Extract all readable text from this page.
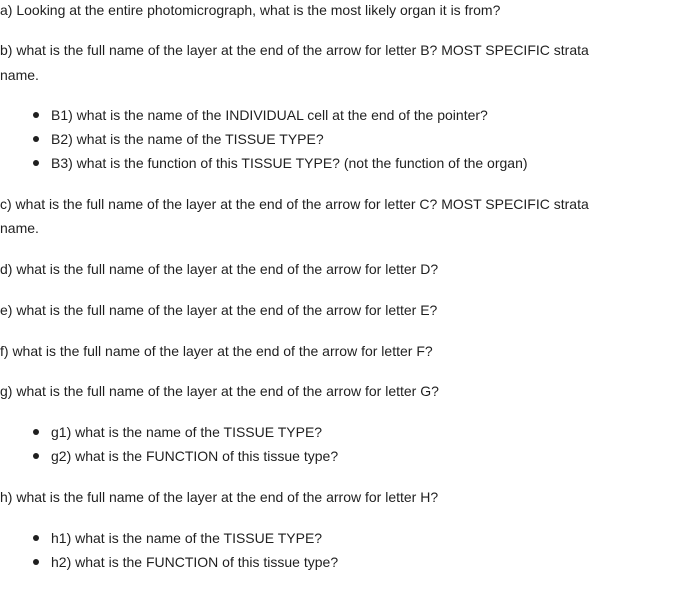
a) Looking at the entire photomicrograph, what is the most likely organ it is from?
b) what is the full name of the layer at the end of the arrow for letter B? MOST SPECIFIC strata
name.
B1) what is the name of the INDIVIDUAL cell at the end of the pointer?
B2) what is the name of the TISSUE TYPE?
B3) what is the function of this TISSUE TYPE? (not the function of the organ)
c) what is the full name of the layer at the end of the arrow for letter C? MOST SPECIFIC strata
name.
d) what is the full name of the layer at the end of the arrow for letter D?
e) what is the full name of the layer at the end of the arrow for letter E?
f) what is the full name of the layer at the end of the arrow for letter F?
g) what is the full name of the layer at the end of the arrow for letter G?
g1) what is the name of the TISSUE TYPE?
g2) what is the FUNCTION of this tissue type?
h) what is the full name of the layer at the end of the arrow for letter H?
h1) what is the name of the TISSUE TYPE?
h2) what is the FUNCTION of this tissue type?
